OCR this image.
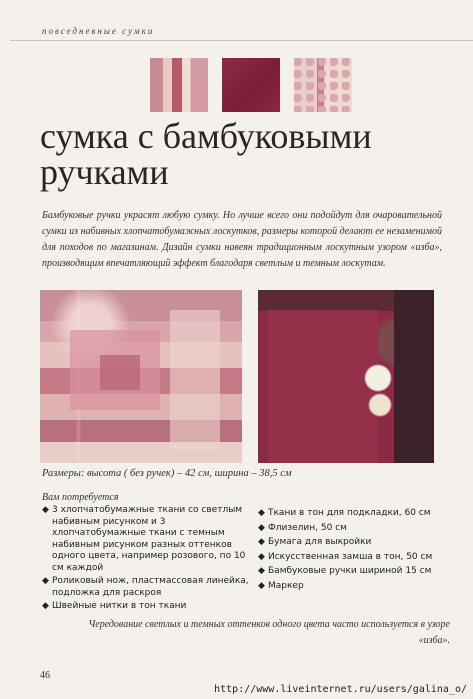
повседневные сумки
сумка с бамбуковыми
ручками

Бамбуковые ручки украсят любую сумку. Но лучше всего они подойдут для очаровательной сумки из набивных хлопчатобумажных лоскутков, размеры которой делают ее незаменимой для походов по магазинам. Дизайн сумки навеян традиционным лоскутным узором «изба», производящим впечатляющий эффект благодаря светлым и темным лоскутам.

Размеры: высота ( без ручек) – 42 см, ширина – 38,5 см
Вам потребуется
◆ 3 хлопчатобумажные ткани со светлым набивным рисунком и 3 хлопчатобумажные ткани с темным набивным рисунком разных оттенков одного цвета, например розового, по 10 см каждой
◆ Роликовый нож, пластмассовая линейка, подложка для раскроя
◆ Швейные нитки в тон ткани
◆ Ткани в тон для подкладки, 60 см
◆ Флизелин, 50 см
◆ Бумага для выкройки
◆ Искусственная замша в тон, 50 см
◆ Бамбуковые ручки шириной 15 см
◆ Маркер

Чередование светлых и темных оттенков одного цвета часто используется в узоре «изба».

46
http://www.liveinternet.ru/users/galina_o/
